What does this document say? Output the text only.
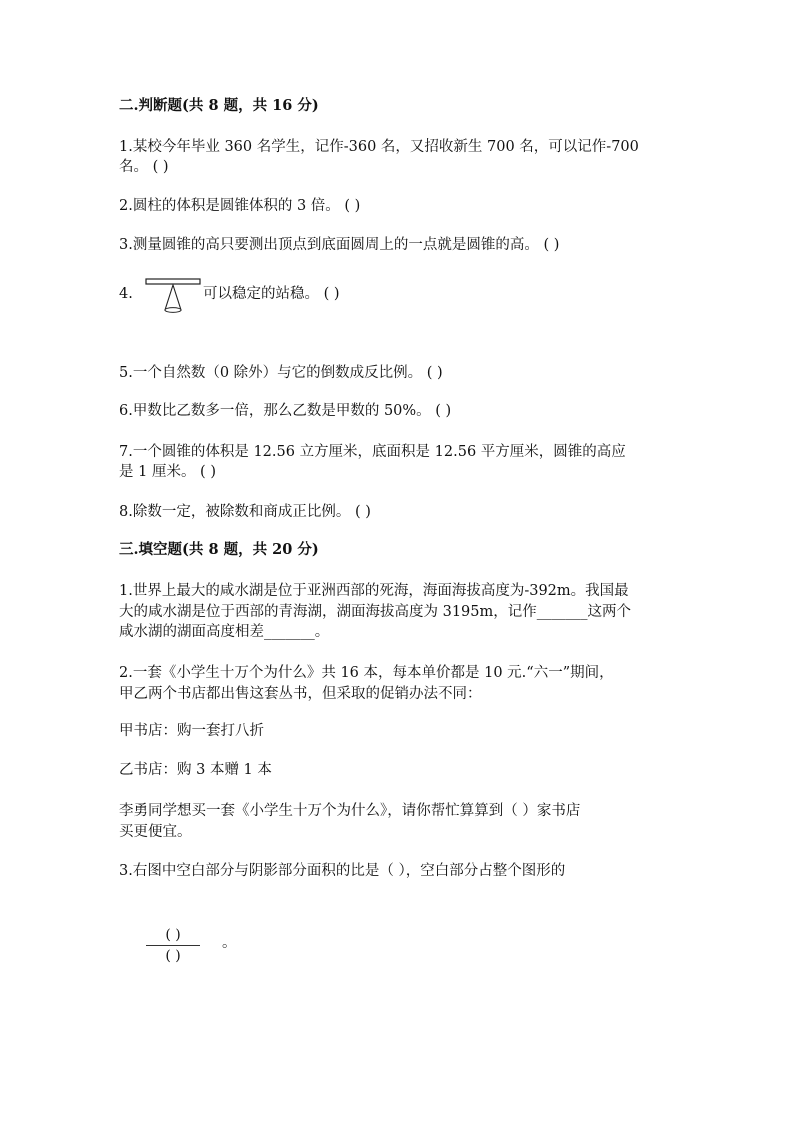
二.判断题(共 8 题，共 16 分)
1.某校今年毕业 360 名学生，记作-360 名，又招收新生 700 名，可以记作-700
名。 ( )
2.圆柱的体积是圆锥体积的 3 倍。 ( )
3.测量圆锥的高只要测出顶点到底面圆周上的一点就是圆锥的高。 ( )
4.	可以稳定的站稳。 ( )
5.一个自然数（0 除外）与它的倒数成反比例。 ( )
6.甲数比乙数多一倍，那么乙数是甲数的 50%。 ( )
7.一个圆锥的体积是 12.56 立方厘米，底面积是 12.56 平方厘米，圆锥的高应
是 1 厘米。 ( )
8.除数一定，被除数和商成正比例。 ( )
三.填空题(共 8 题，共 20 分)
1.世界上最大的咸水湖是位于亚洲西部的死海，海面海拔高度为-392m。我国最
大的咸水湖是位于西部的青海湖，湖面海拔高度为 3195m，记作_______这两个
咸水湖的湖面高度相差_______。
2.一套《小学生十万个为什么》共 16 本，每本单价都是 10 元.“六一”期间，
甲乙两个书店都出售这套丛书，但采取的促销办法不同：
甲书店：购一套打八折
乙书店：购 3 本赠 1 本
李勇同学想买一套《小学生十万个为什么》，请你帮忙算算到（ ）家书店
买更便宜。
3.右图中空白部分与阴影部分面积的比是（ ），空白部分占整个图形的
( )
( )
。
